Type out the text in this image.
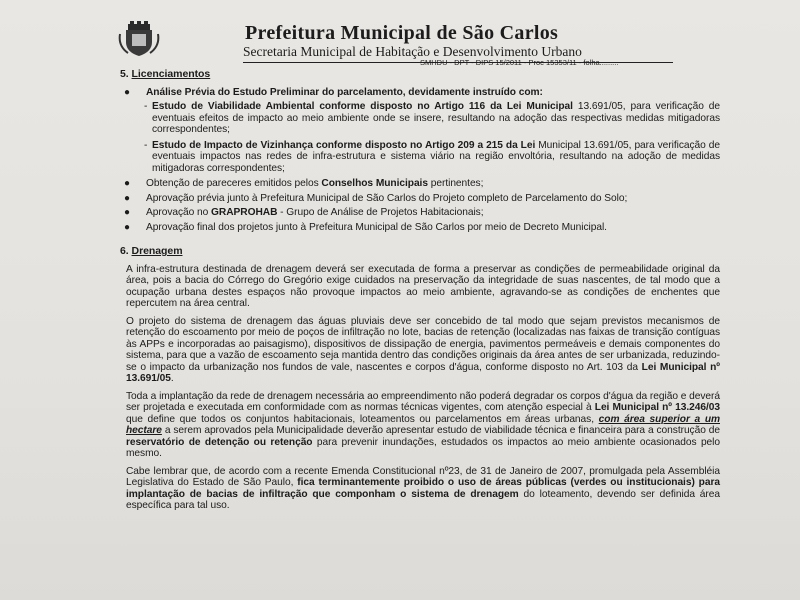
Prefeitura Municipal de São Carlos
Secretaria Municipal de Habitação e Desenvolvimento Urbano
SMHDU - DPT - DIPS 15/2011 - Proc 15353/11 - folha.........
5. Licenciamentos
● Análise Prévia do Estudo Preliminar do parcelamento, devidamente instruído com:
- Estudo de Viabilidade Ambiental conforme disposto no Artigo 116 da Lei Municipal 13.691/05, para verificação de eventuais efeitos de impacto ao meio ambiente onde se insere, resultando na adoção das respectivas medidas mitigadoras correspondentes;
- Estudo de Impacto de Vizinhança conforme disposto no Artigo 209 a 215 da Lei Municipal 13.691/05, para verificação de eventuais impactos nas redes de infra-estrutura e sistema viário na região envoltória, resultando na adoção de medidas mitigadoras correspondentes;
● Obtenção de pareceres emitidos pelos Conselhos Municipais pertinentes;
● Aprovação prévia junto à Prefeitura Municipal de São Carlos do Projeto completo de Parcelamento do Solo;
● Aprovação no GRAPROHAB - Grupo de Análise de Projetos Habitacionais;
● Aprovação final dos projetos junto à Prefeitura Municipal de São Carlos por meio de Decreto Municipal.
6. Drenagem

A infra-estrutura destinada de drenagem deverá ser executada de forma a preservar as condições de permeabilidade original da área, pois a bacia do Córrego do Gregório exige cuidados na preservação da integridade de suas nascentes, de tal modo que a ocupação urbana destes espaços não provoque impactos ao meio ambiente, agravando-se as condições de enchentes que repercutem na área central.

O projeto do sistema de drenagem das águas pluviais deve ser concebido de tal modo que sejam previstos mecanismos de retenção do escoamento por meio de poços de infiltração no lote, bacias de retenção (localizadas nas faixas de transição contíguas às APPs e incorporadas ao paisagismo), dispositivos de dissipação de energia, pavimentos permeáveis e demais componentes do sistema, para que a vazão de escoamento seja mantida dentro das condições originais da área antes de ser urbanizada, reduzindo-se o impacto da urbanização nos fundos de vale, nascentes e corpos d'água, conforme disposto no Art. 103 da Lei Municipal nº 13.691/05.

Toda a implantação da rede de drenagem necessária ao empreendimento não poderá degradar os corpos d'água da região e deverá ser projetada e executada em conformidade com as normas técnicas vigentes, com atenção especial à Lei Municipal nº 13.246/03 que define que todos os conjuntos habitacionais, loteamentos ou parcelamentos em áreas urbanas, com área superior a um hectare a serem aprovados pela Municipalidade deverão apresentar estudo de viabilidade técnica e financeira para a construção de reservatório de detenção ou retenção para prevenir inundações, estudados os impactos ao meio ambiente ocasionados pelo mesmo.

Cabe lembrar que, de acordo com a recente Emenda Constitucional nº23, de 31 de Janeiro de 2007, promulgada pela Assembléia Legislativa do Estado de São Paulo, fica terminantemente proibido o uso de áreas públicas (verdes ou institucionais) para implantação de bacias de infiltração que componham o sistema de drenagem do loteamento, devendo ser definida área específica para tal uso.
